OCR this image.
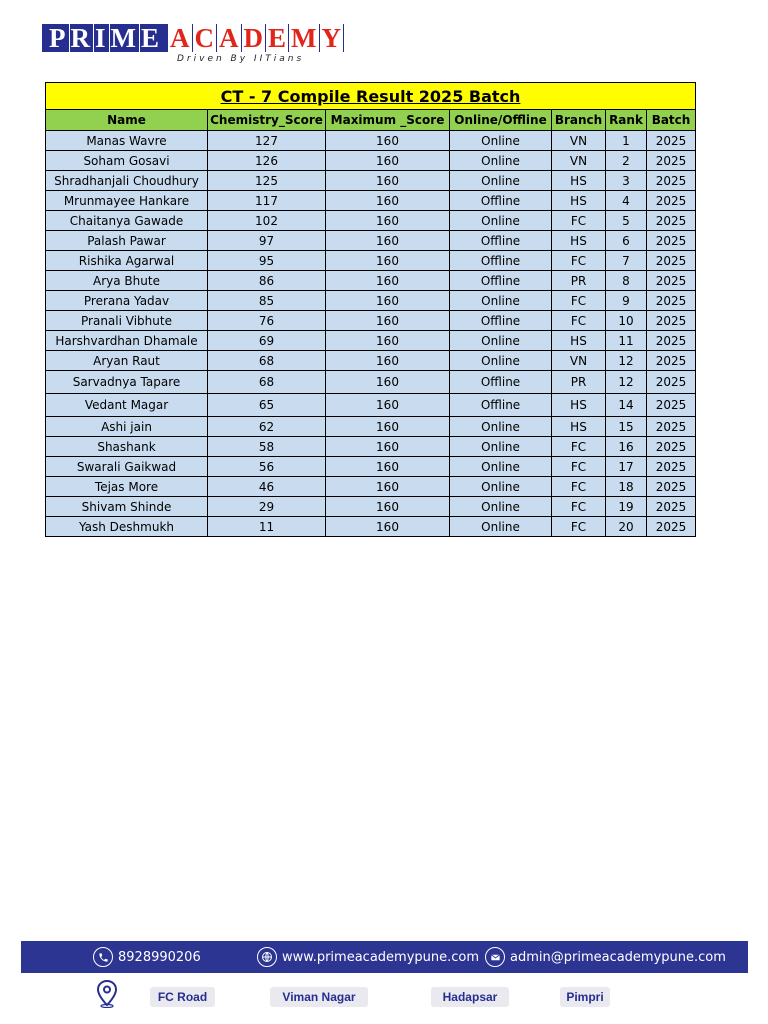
P R I M E A C A D E M Y
Driven By IITians
CT - 7 Compile Result 2025 Batch						
Name	Chemistry_Score	Maximum _Score	Online/Offline	Branch	Rank	Batch
Manas Wavre	127	160	Online	VN	1	2025
Soham Gosavi	126	160	Online	VN	2	2025
Shradhanjali Choudhury	125	160	Online	HS	3	2025
Mrunmayee Hankare	117	160	Offline	HS	4	2025
Chaitanya Gawade	102	160	Online	FC	5	2025
Palash Pawar	97	160	Offline	HS	6	2025
Rishika Agarwal	95	160	Offline	FC	7	2025
Arya Bhute	86	160	Offline	PR	8	2025
Prerana Yadav	85	160	Online	FC	9	2025
Pranali Vibhute	76	160	Offline	FC	10	2025
Harshvardhan Dhamale	69	160	Online	HS	11	2025
Aryan Raut	68	160	Online	VN	12	2025
Sarvadnya Tapare	68	160	Offline	PR	12	2025
Vedant Magar	65	160	Offline	HS	14	2025
Ashi jain	62	160	Online	HS	15	2025
Shashank	58	160	Online	FC	16	2025
Swarali Gaikwad	56	160	Online	FC	17	2025
Tejas More	46	160	Online	FC	18	2025
Shivam Shinde	29	160	Online	FC	19	2025
Yash Deshmukh	11	160	Online	FC	20	2025
8928990206	www.primeacademypune.com admin@primeacademypune.com
FC Road	Viman Nagar	Hadapsar	Pimpri
